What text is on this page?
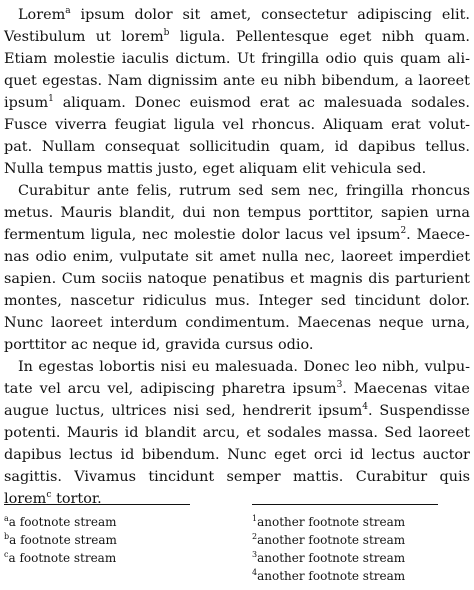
Lorem$^a$ ipsum dolor sit amet, consectetur adipiscing elit.
Vestibulum ut lorem$^b$ ligula. Pellentesque eget nibh quam.
Etiam molestie iaculis dictum. Ut fringilla odio quis quam ali-
quet egestas. Nam dignissim ante eu nibh bibendum, a laoreet
ipsum$^1$ aliquam. Donec euismod erat ac malesuada sodales.
Fusce viverra feugiat ligula vel rhoncus. Aliquam erat volut-
pat. Nullam consequat sollicitudin quam, id dapibus tellus.
Nulla tempus mattis justo, eget aliquam elit vehicula sed.
Curabitur ante felis, rutrum sed sem nec, fringilla rhoncus
metus. Mauris blandit, dui non tempus porttitor, sapien urna
fermentum ligula, nec molestie dolor lacus vel ipsum$^2$. Maece-
nas odio enim, vulputate sit amet nulla nec, laoreet imperdiet
sapien. Cum sociis natoque penatibus et magnis dis parturient
montes, nascetur ridiculus mus. Integer sed tincidunt dolor.
Nunc laoreet interdum condimentum. Maecenas neque urna,
porttitor ac neque id, gravida cursus odio.
In egestas lobortis nisi eu malesuada. Donec leo nibh, vulpu-
tate vel arcu vel, adipiscing pharetra ipsum$^3$. Maecenas vitae
augue luctus, ultrices nisi sed, hendrerit ipsum$^4$. Suspendisse
potenti. Mauris id blandit arcu, et sodales massa. Sed laoreet
dapibus lectus id bibendum. Nunc eget orci id lectus auctor
sagittis. Vivamus tincidunt semper mattis. Curabitur quis
lorem$^c$ tortor.
$^a$a footnote stream
$^b$a footnote stream
$^c$a footnote stream
$^1$another footnote stream
$^2$another footnote stream
$^3$another footnote stream
$^4$another footnote stream
